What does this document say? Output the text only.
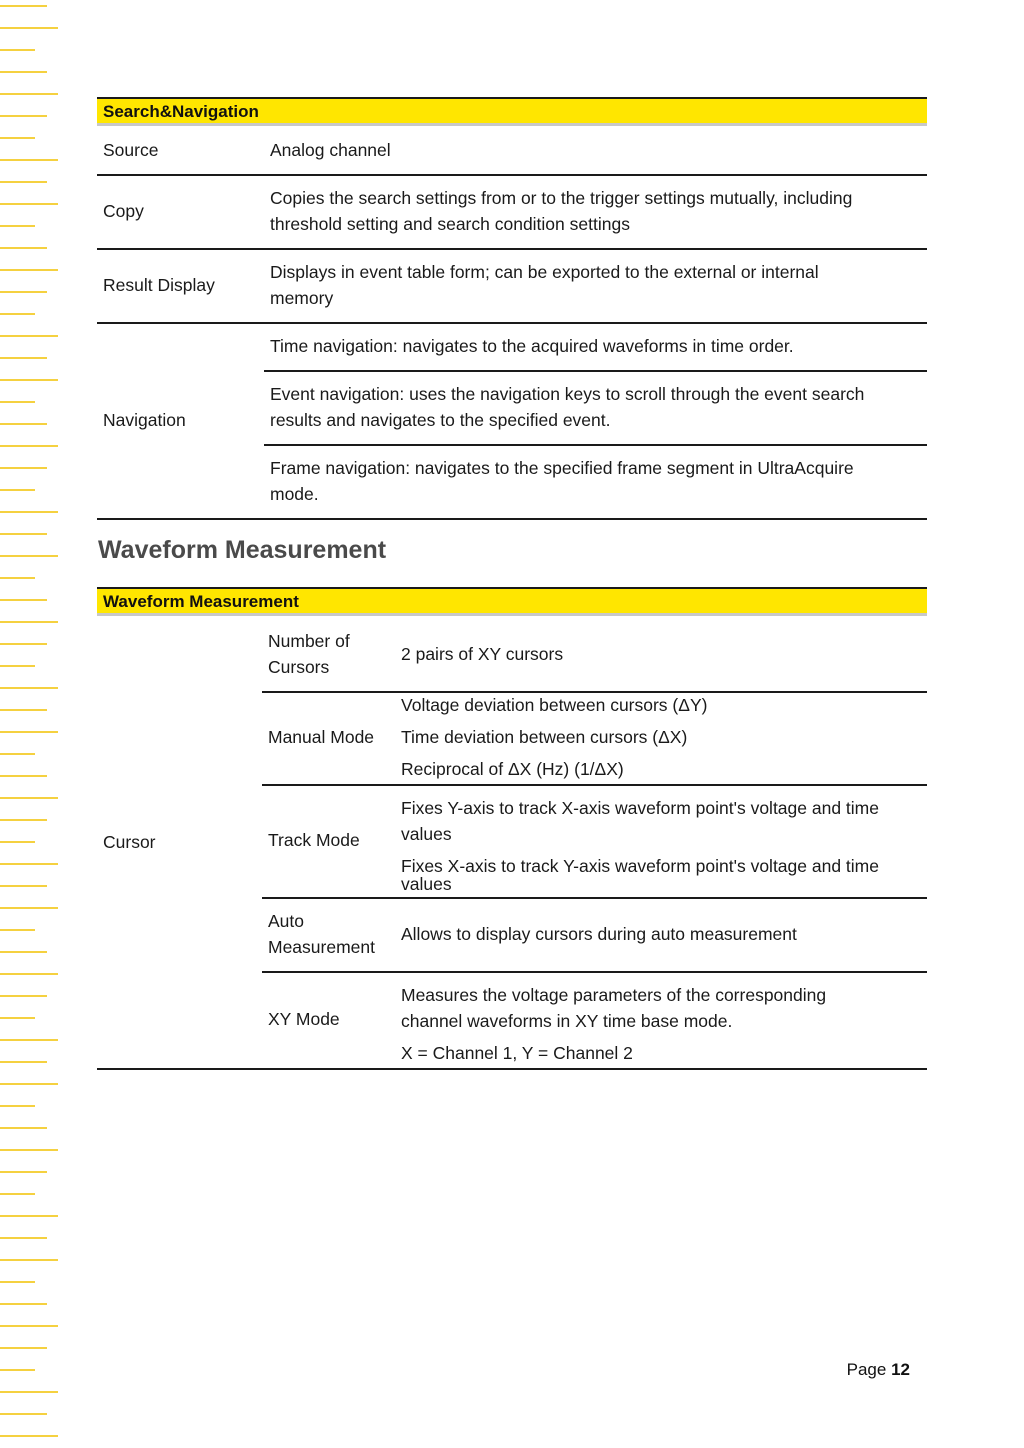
Search&Navigation
Source	Analog channel
Copy
Copies the search settings from or to the trigger settings mutually, including
threshold setting and search condition settings
Result Display
Displays in event table form; can be exported to the external or internal
memory
Navigation
Time navigation: navigates to the acquired waveforms in time order.
Event navigation: uses the navigation keys to scroll through the event search
results and navigates to the specified event.
Frame navigation: navigates to the specified frame segment in UltraAcquire
mode.
Waveform Measurement
Waveform Measurement
Cursor
Number of
Cursors
2 pairs of XY cursors
Manual Mode
Voltage deviation between cursors (ΔY)
Time deviation between cursors (ΔX)
Reciprocal of ΔX (Hz) (1/ΔX)
Track Mode
Fixes Y-axis to track X-axis waveform point's voltage and time
values
Fixes X-axis to track Y-axis waveform point's voltage and time
values
Auto
Measurement
Allows to display cursors during auto measurement
XY Mode
Measures the voltage parameters of the corresponding
channel waveforms in XY time base mode.
X = Channel 1, Y = Channel 2
Page 12
